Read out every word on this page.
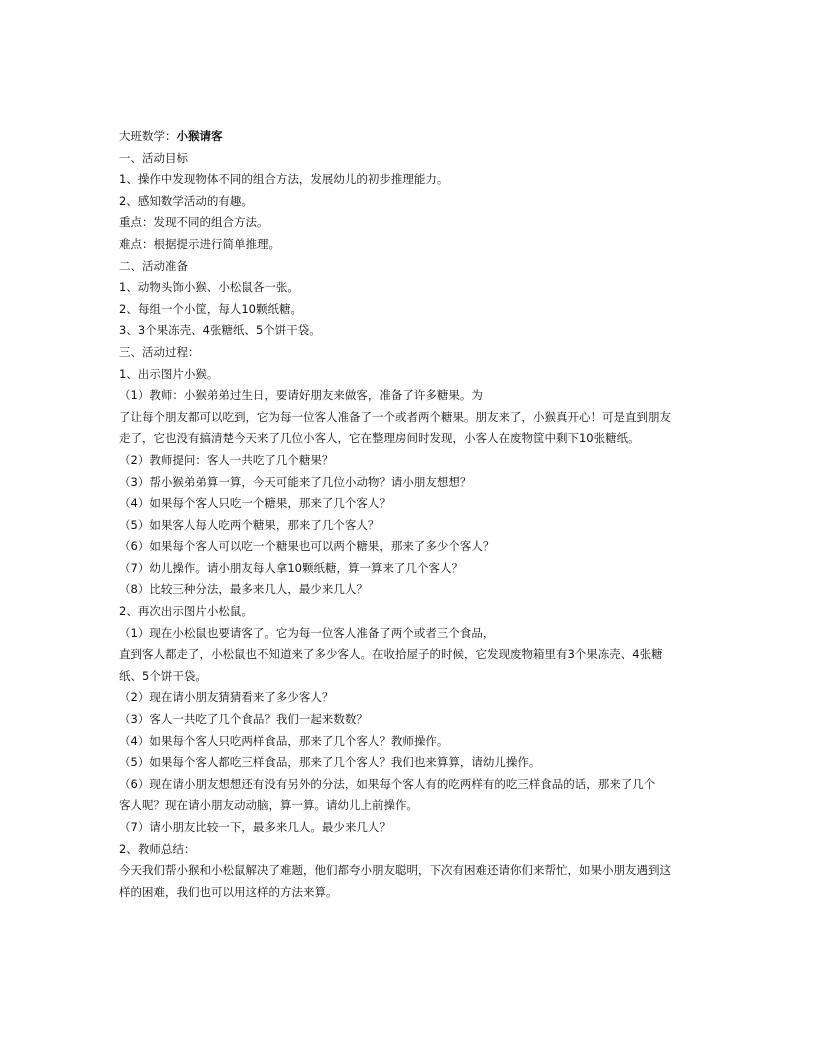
大班数学：小猴请客
一、活动目标
1、操作中发现物体不同的组合方法，发展幼儿的初步推理能力。
2、感知数学活动的有趣。
重点：发现不同的组合方法。
难点：根据提示进行简单推理。
二、活动准备
1、动物头饰小猴、小松鼠各一张。
2、每组一个小筐，每人10颗纸糖。
3、3个果冻壳、4张糖纸、5个饼干袋。
三、活动过程：
1、出示图片小猴。
（1）教师：小猴弟弟过生日，要请好朋友来做客，准备了许多糖果。为
了让每个朋友都可以吃到，它为每一位客人准备了一个或者两个糖果。朋友来了，小猴真开心！可是直到朋友
走了，它也没有搞清楚今天来了几位小客人，它在整理房间时发现，小客人在废物筐中剩下10张糖纸。
（2）教师提问：客人一共吃了几个糖果？
（3）帮小猴弟弟算一算，今天可能来了几位小动物？请小朋友想想？
（4）如果每个客人只吃一个糖果，那来了几个客人？
（5）如果客人每人吃两个糖果，那来了几个客人？
（6）如果每个客人可以吃一个糖果也可以两个糖果，那来了多少个客人？
（7）幼儿操作。请小朋友每人拿10颗纸糖，算一算来了几个客人？
（8）比较三种分法，最多来几人，最少来几人？
2、再次出示图片小松鼠。
（1）现在小松鼠也要请客了。它为每一位客人准备了两个或者三个食品，
直到客人都走了，小松鼠也不知道来了多少客人。在收拾屋子的时候，它发现废物箱里有3个果冻壳、4张糖
纸、5个饼干袋。
（2）现在请小朋友猜猜看来了多少客人？
（3）客人一共吃了几个食品？我们一起来数数？
（4）如果每个客人只吃两样食品，那来了几个客人？教师操作。
（5）如果每个客人都吃三样食品，那来了几个客人？我们也来算算，请幼儿操作。
（6）现在请小朋友想想还有没有另外的分法，如果每个客人有的吃两样有的吃三样食品的话，那来了几个
客人呢？现在请小朋友动动脑，算一算。请幼儿上前操作。
（7）请小朋友比较一下，最多来几人。最少来几人？
2、教师总结：
今天我们帮小猴和小松鼠解决了难题，他们都夸小朋友聪明，下次有困难还请你们来帮忙，如果小朋友遇到这
样的困难，我们也可以用这样的方法来算。
